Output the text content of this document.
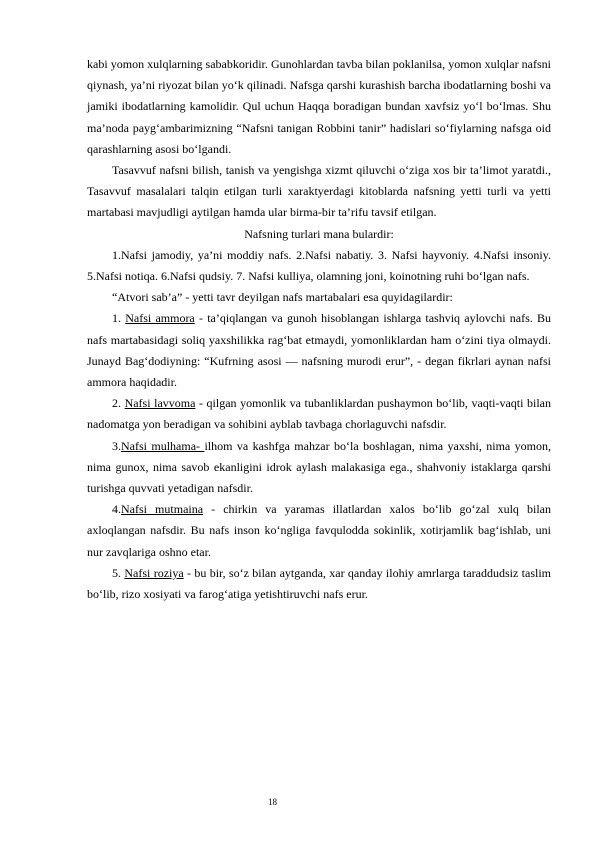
kabi yomon xulqlarning sababkoridir. Gunohlardan tavba bilan poklanilsa, yomon xulqlar nafsni qiynash, ya’ni riyozat bilan yo‘k qilinadi. Nafsga qarshi kurashish barcha ibodatlarning boshi va jamiki ibodatlarning kamolidir. Qul uchun Haqqa boradigan bundan xavfsiz yo‘l bo‘lmas. Shu ma’noda payg‘ambarimizning “Nafsni tanigan Robbini tanir” hadislari so‘fiylarning nafsga oid qarashlarning asosi bo‘lgandi.

Tasavvuf nafsni bilish, tanish va yengishga xizmt qiluvchi o‘ziga xos bir ta’limot yaratdi., Tasavvuf masalalari talqin etilgan turli xaraktyerdagi kitoblarda nafsning yetti turli va yetti martabasi mavjudligi aytilgan hamda ular birma-bir ta’rifu tavsif etilgan.

Nafsning turlari mana bulardir:

1.Nafsi jamodiy, ya’ni moddiy nafs. 2.Nafsi nabatiy. 3. Nafsi hayvoniy. 4.Nafsi insoniy. 5.Nafsi notiqa. 6.Nafsi qudsiy. 7. Nafsi kulliya, olamning joni, koinotning ruhi bo‘lgan nafs.

“Atvori sab’a” - yetti tavr deyilgan nafs martabalari esa quyidagilardir:

1. Nafsi ammora - ta’qiqlangan va gunoh hisoblangan ishlarga tashviq aylovchi nafs. Bu nafs martabasidagi soliq yaxshilikka rag‘bat etmaydi, yomonliklardan ham o‘zini tiya olmaydi. Junayd Bag‘dodiyning: “Kufrning asosi — nafsning murodi erur”, - degan fikrlari aynan nafsi ammora haqidadir.

2. Nafsi lavvoma - qilgan yomonlik va tubanliklardan pushaymon bo‘lib, vaqti-vaqti bilan nadomatga yon beradigan va sohibini ayblab tavbaga chorlaguvchi nafsdir.

3.Nafsi mulhama- ilhom va kashfga mahzar bo‘la boshlagan, nima yaxshi, nima yomon, nima gunox, nima savob ekanligini idrok aylash malakasiga ega., shahvoniy istaklarga qarshi turishga quvvati yetadigan nafsdir.

4.Nafsi mutmaina - chirkin va yaramas illatlardan xalos bo‘lib go‘zal xulq bilan axloqlangan nafsdir. Bu nafs inson ko‘ngliga favqulodda sokinlik, xotirjamlik bag‘ishlab, uni nur zavqlariga oshno etar.

5. Nafsi roziya - bu bir, so‘z bilan aytganda, xar qanday ilohiy amrlarga taraddudsiz taslim bo‘lib, rizo xosiyati va farog‘atiga yetishtiruvchi nafs erur.

18
